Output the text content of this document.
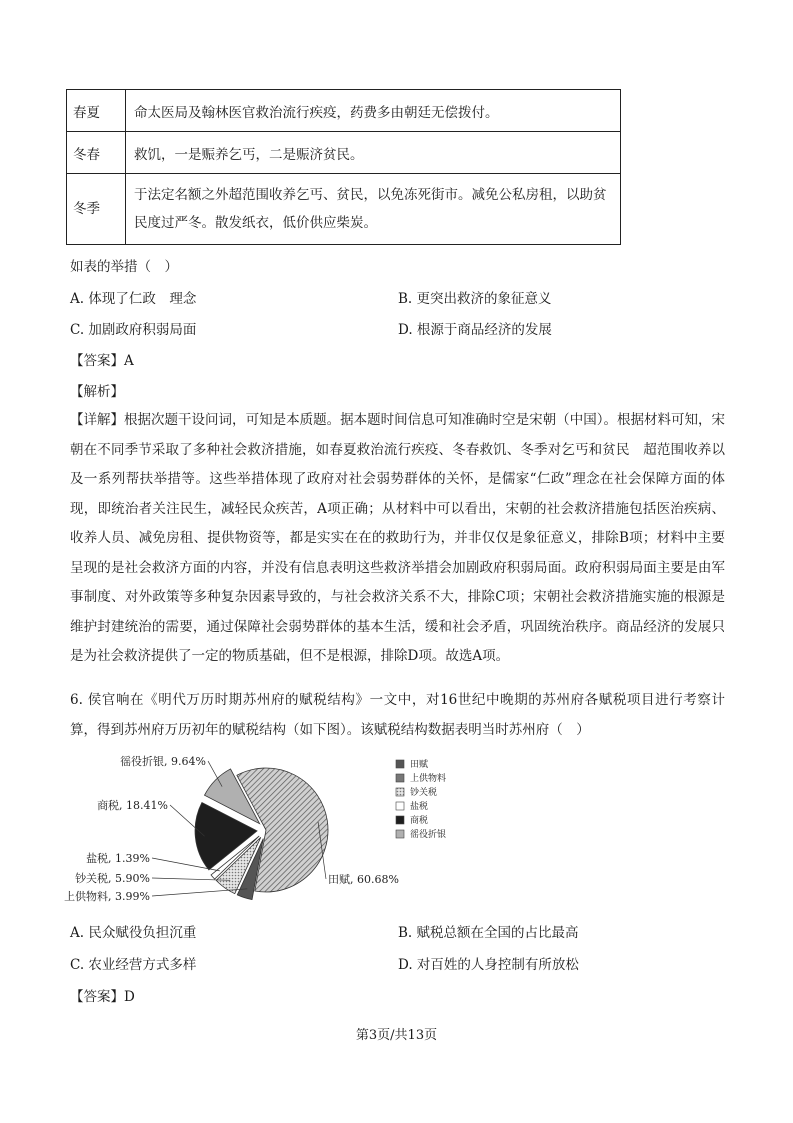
春夏	命太医局及翰林医官救治流行疾疫，药费多由朝廷无偿拨付。
冬春	救饥，一是赈养乞丐，二是赈济贫民。
冬季	于法定名额之外超范围收养乞丐、贫民，以免冻死街市。减免公私房租，以助贫民度过严冬。散发纸衣，低价供应柴炭。
如表的举措（　）
A. 体现了仁政　理念	B. 更突出救济的象征意义
C. 加剧政府积弱局面	D. 根源于商品经济的发展
【答案】A
【解析】
【详解】根据次题干设问词，可知是本质题。据本题时间信息可知准确时空是宋朝（中国）。根据材料可知，宋朝在不同季节采取了多种社会救济措施，如春夏救治流行疾疫、冬春救饥、冬季对乞丐和贫民　超范围收养以及一系列帮扶举措等。这些举措体现了政府对社会弱势群体的关怀，是儒家“仁政”理念在社会保障方面的体现，即统治者关注民生，减轻民众疾苦，A项正确；从材料中可以看出，宋朝的社会救济措施包括医治疾病、收养人员、减免房租、提供物资等，都是实实在在的救助行为，并非仅仅是象征意义，排除B项；材料中主要呈现的是社会救济方面的内容，并没有信息表明这些救济举措会加剧政府积弱局面。政府积弱局面主要是由军事制度、对外政策等多种复杂因素导致的，与社会救济关系不大，排除C项；宋朝社会救济措施实施的根源是维护封建统治的需要，通过保障社会弱势群体的基本生活，缓和社会矛盾，巩固统治秩序。商品经济的发展只是为社会救济提供了一定的物质基础，但不是根源，排除D项。故选A项。
6. 侯官响在《明代万历时期苏州府的赋税结构》一文中，对16世纪中晚期的苏州府各赋税项目进行考察计算，得到苏州府万历初年的赋税结构（如下图）。该赋税结构数据表明当时苏州府（　）
田赋, 60.68%
上供物料, 3.99%
钞关税, 5.90%
盐税, 1.39%
商税, 18.41%
徭役折银, 9.64%	田赋
上供物料
钞关税
盐税
商税
徭役折银
A. 民众赋役负担沉重	B. 赋税总额在全国的占比最高
C. 农业经营方式多样	D. 对百姓的人身控制有所放松
【答案】D
第3页/共13页
